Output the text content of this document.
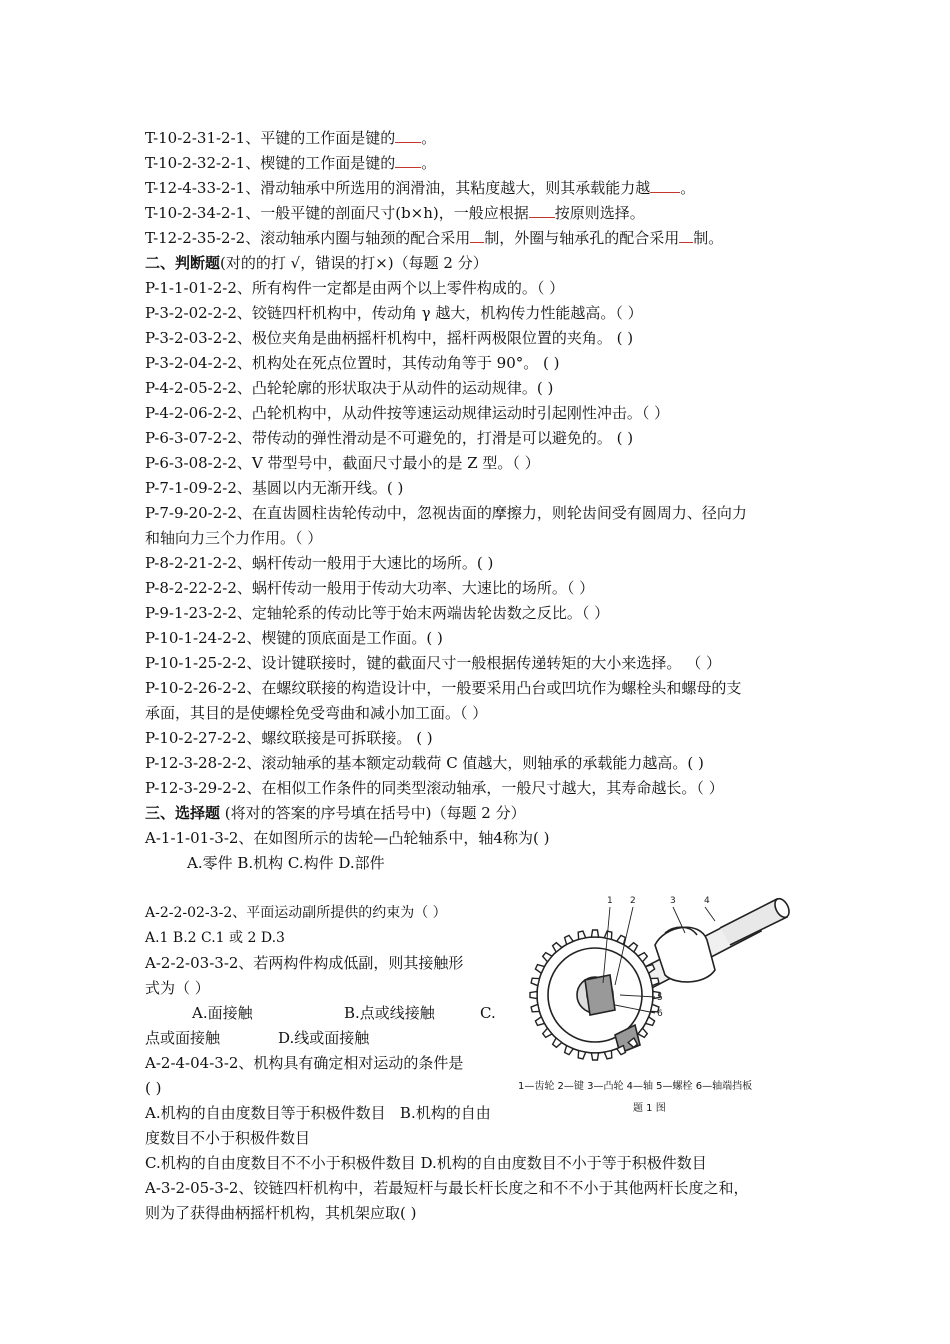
T-10-2-31-2-1、平键的工作面是键的 。
T-10-2-32-2-1、楔键的工作面是键的 。
T-12-4-33-2-1、滑动轴承中所选用的润滑油，其粘度越大，则其承载能力越 。
T-10-2-34-2-1、一般平键的剖面尺寸(b×h)，一般应根据 按原则选择。
T-12-2-35-2-2、滚动轴承内圈与轴颈的配合采用 制，外圈与轴承孔的配合采用 制。
二、判断题(对的的打 √，错误的打×)（每题 2 分）
P-1-1-01-2-2、所有构件一定都是由两个以上零件构成的。（ ）
P-3-2-02-2-2、铰链四杆机构中，传动角 γ 越大，机构传力性能越高。（ ）
P-3-2-03-2-2、极位夹角是曲柄摇杆机构中，摇杆两极限位置的夹角。 ( )
P-3-2-04-2-2、机构处在死点位置时，其传动角等于 90°。 ( )
P-4-2-05-2-2、凸轮轮廓的形状取决于从动件的运动规律。( )
P-4-2-06-2-2、凸轮机构中，从动件按等速运动规律运动时引起刚性冲击。（ ）
P-6-3-07-2-2、带传动的弹性滑动是不可避免的，打滑是可以避免的。 ( )
P-6-3-08-2-2、V 带型号中，截面尺寸最小的是 Z 型。（ ）
P-7-1-09-2-2、基圆以内无渐开线。( )
P-7-9-20-2-2、在直齿圆柱齿轮传动中，忽视齿面的摩擦力，则轮齿间受有圆周力、径向力
和轴向力三个力作用。（ ）
P-8-2-21-2-2、蜗杆传动一般用于大速比的场所。( )
P-8-2-22-2-2、蜗杆传动一般用于传动大功率、大速比的场所。（ ）
P-9-1-23-2-2、定轴轮系的传动比等于始末两端齿轮齿数之反比。（ ）
P-10-1-24-2-2、楔键的顶底面是工作面。( )
P-10-1-25-2-2、设计键联接时，键的截面尺寸一般根据传递转矩的大小来选择。 （ ）
P-10-2-26-2-2、在螺纹联接的构造设计中，一般要采用凸台或凹坑作为螺栓头和螺母的支
承面，其目的是使螺栓免受弯曲和减小加工面。（ ）
P-10-2-27-2-2、螺纹联接是可拆联接。 ( )
P-12-3-28-2-2、滚动轴承的基本额定动载荷 C 值越大，则轴承的承载能力越高。( )
P-12-3-29-2-2、在相似工作条件的同类型滚动轴承，一般尺寸越大，其寿命越长。（ ）
三、选择题 (将对的答案的序号填在括号中)（每题 2 分）
A-1-1-01-3-2、在如图所示的齿轮—凸轮轴系中，轴4称为( )
A.零件 B.机构 C.构件 D.部件
A-2-2-02-3-2、平面运动副所提供的约束为（ ）
A.1 B.2 C.1 或 2 D.3
A-2-2-03-3-2、若两构件构成低副，则其接触形
式为（ ）
A.面接触	B.点或线接触	C.
点或面接触	D.线或面接触
A-2-4-04-3-2、机构具有确定相对运动的条件是
( )
A.机构的自由度数目等于积极件数目 B.机构的自由
度数目不小于积极件数目
C.机构的自由度数目不不小于积极件数目 D.机构的自由度数目不小于等于积极件数目
A-3-2-05-3-2、铰链四杆机构中，若最短杆与最长杆长度之和不不小于其他两杆长度之和，
则为了获得曲柄摇杆机构，其机架应取( )
1 2	3	4
5
6
1—齿轮 2—键 3—凸轮 4—轴 5—螺栓 6—轴端挡板
题 1 图
